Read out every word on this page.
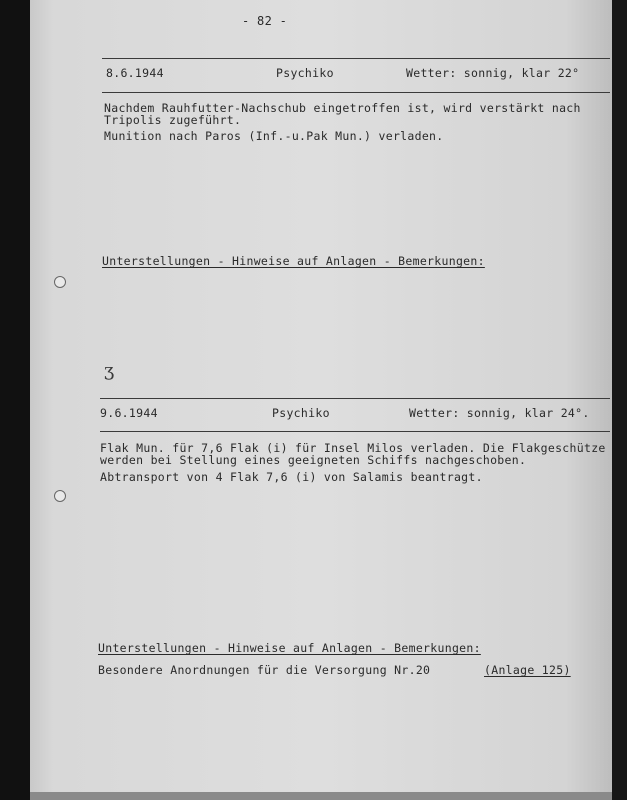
- 82 -
8.6.1944	Psychiko	Wetter: sonnig, klar 22°
Nachdem Rauhfutter-Nachschub eingetroffen ist, wird verstärkt nach
Tripolis zugeführt.
Munition nach Paros (Inf.-u.Pak Mun.) verladen.
Unterstellungen - Hinweise auf Anlagen - Bemerkungen:
ʒ
9.6.1944	Psychiko	Wetter: sonnig, klar 24°.
Flak Mun. für 7,6 Flak (i) für Insel Milos verladen. Die Flakgeschütze
werden bei Stellung eines geeigneten Schiffs nachgeschoben.
Abtransport von 4 Flak 7,6 (i) von Salamis beantragt.
Unterstellungen - Hinweise auf Anlagen - Bemerkungen:
Besondere Anordnungen für die Versorgung Nr.20	(Anlage 125)
